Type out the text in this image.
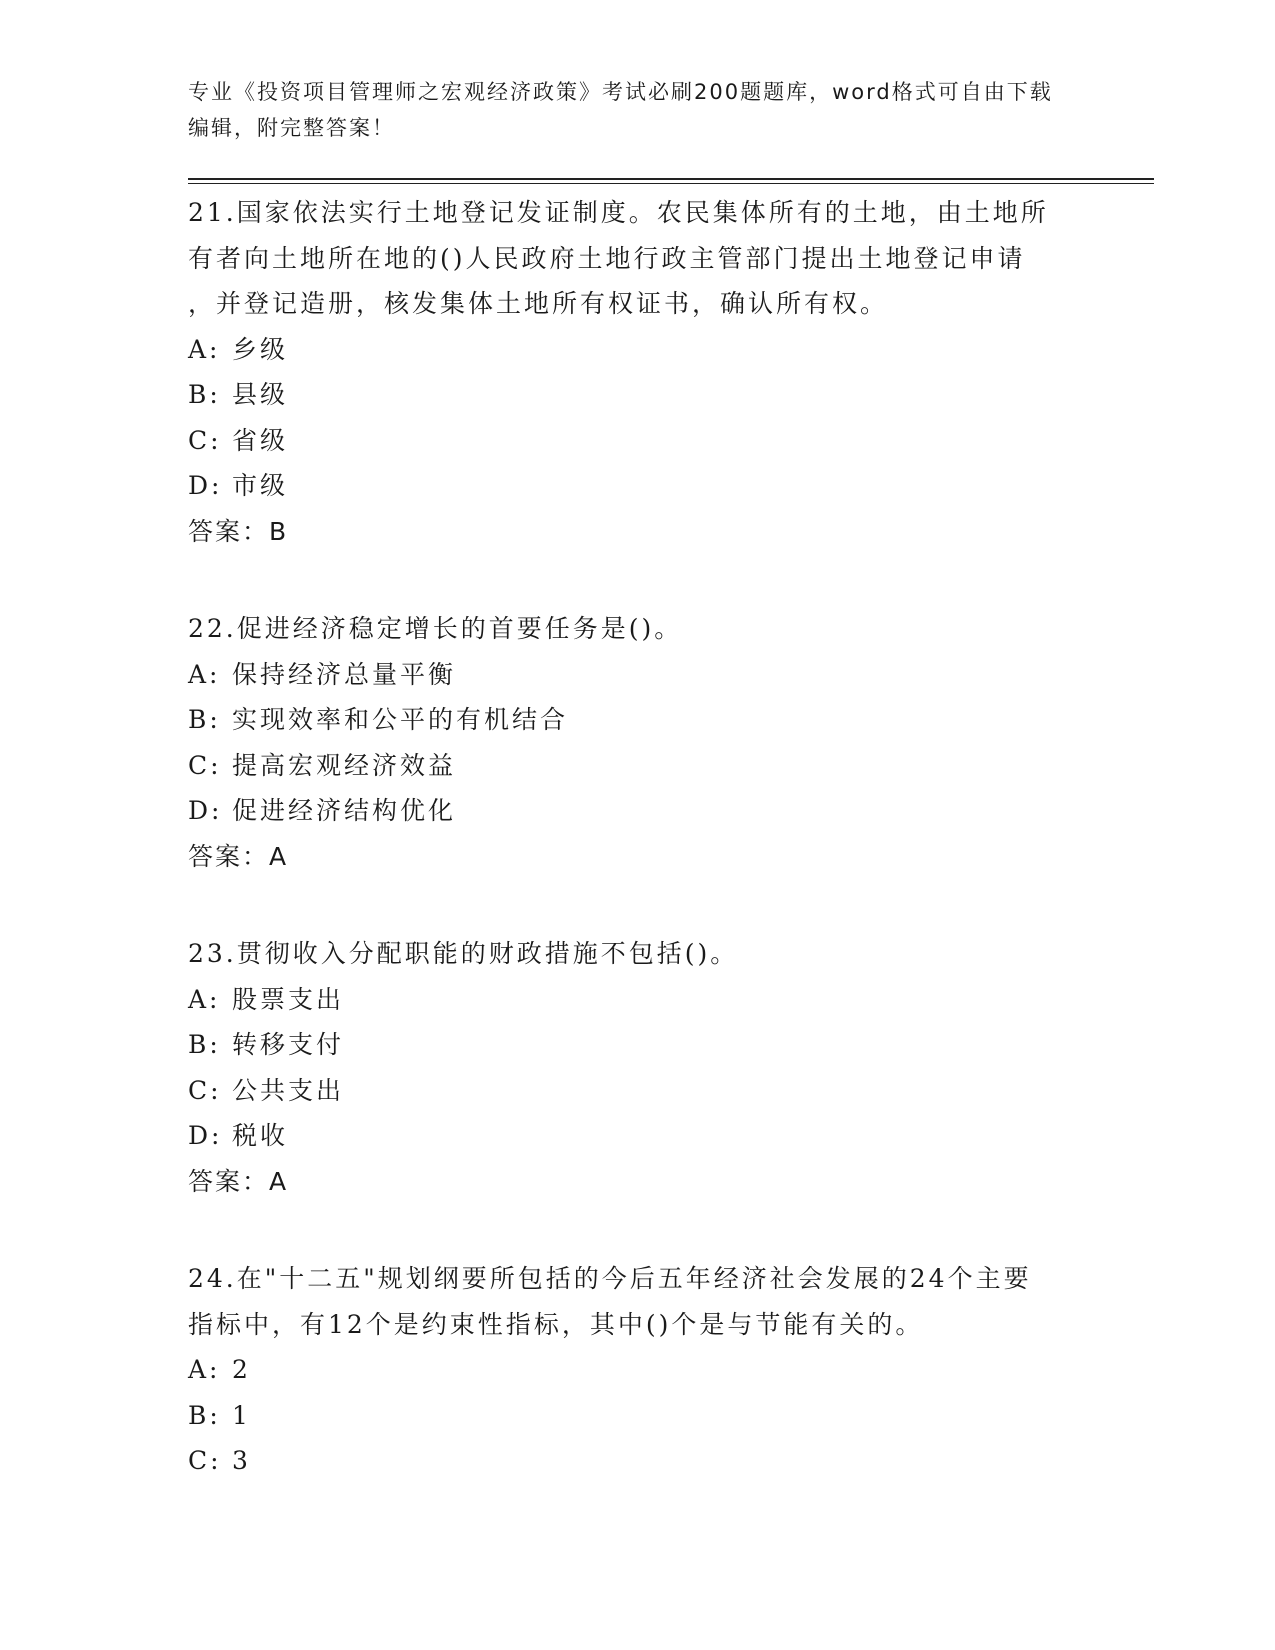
专业《投资项目管理师之宏观经济政策》考试必刷200题题库，word格式可自由下载编辑，附完整答案！

21.国家依法实行土地登记发证制度。农民集体所有的土地，由土地所
有者向土地所在地的()人民政府土地行政主管部门提出土地登记申请
，并登记造册，核发集体土地所有权证书，确认所有权。

A: 乡级
B: 县级
C: 省级
D: 市级

答案：B

22.促进经济稳定增长的首要任务是()。

A: 保持经济总量平衡
B: 实现效率和公平的有机结合
C: 提高宏观经济效益
D: 促进经济结构优化

答案：A

23.贯彻收入分配职能的财政措施不包括()。

A: 股票支出
B: 转移支付
C: 公共支出
D: 税收

答案：A

24.在"十二五"规划纲要所包括的今后五年经济社会发展的24个主要
指标中，有12个是约束性指标，其中()个是与节能有关的。

A: 2
B: 1
C: 3
